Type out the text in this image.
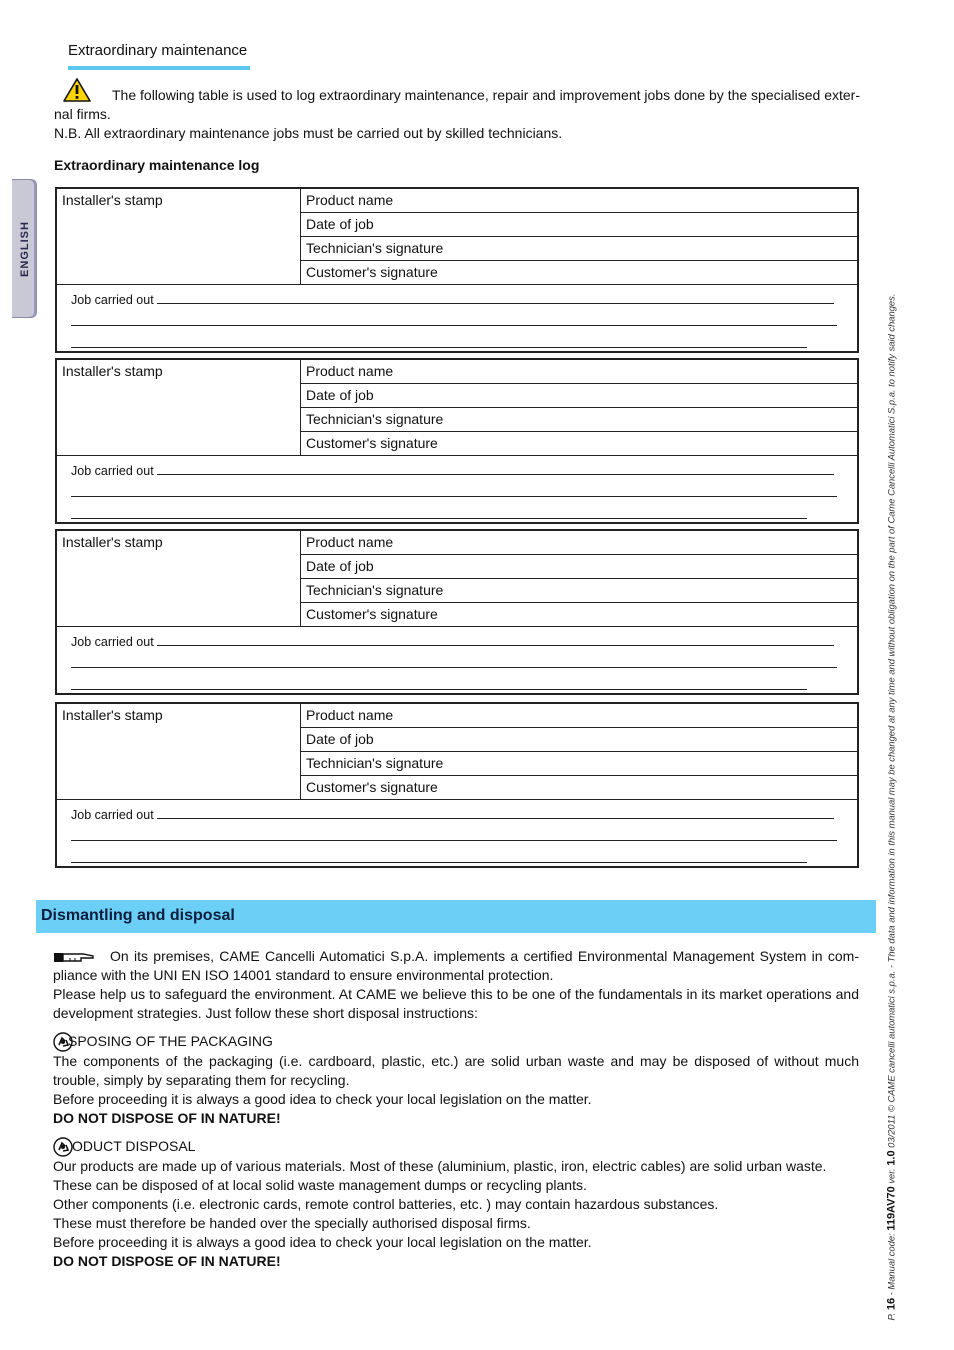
Extraordinary maintenance
The following table is used to log extraordinary maintenance, repair and improvement jobs done by the specialised exter- nal firms.
N.B. All extraordinary maintenance jobs must be carried out by skilled technicians.
Extraordinary maintenance log
ENGLISH
Installer's stamp	Product name
Date of job
Technician's signature
Customer's signature
Job carried out
Installer's stamp	Product name
Date of job
Technician's signature
Customer's signature
Job carried out
Installer's stamp	Product name
Date of job
Technician's signature
Customer's signature
Job carried out
Installer's stamp	Product name
Date of job
Technician's signature
Customer's signature
Job carried out
Dismantling and disposal
On its premises, CAME Cancelli Automatici S.p.A. implements a certified Environmental Management System in com- pliance with the UNI EN ISO 14001 standard to ensure environmental protection.
Please help us to safeguard the environment. At CAME we believe this to be one of the fundamentals in its market operations and development strategies. Just follow these short disposal instructions:
SPOSING OF THE PACKAGING
The components of the packaging (i.e. cardboard, plastic, etc.) are solid urban waste and may be disposed of without much trouble, simply by separating them for recycling.
Before proceeding it is always a good idea to check your local legislation on the matter.
DO NOT DISPOSE OF IN NATURE!
ODUCT DISPOSAL
Our products are made up of various materials. Most of these (aluminium, plastic, iron, electric cables) are solid urban waste.
These can be disposed of at local solid waste management dumps or recycling plants.
Other components (i.e. electronic cards, remote control batteries, etc. ) may contain hazardous substances.
These must therefore be handed over the specially authorised disposal firms.
Before proceeding it is always a good idea to check your local legislation on the matter.
DO NOT DISPOSE OF IN NATURE!
P. 16 - Manual code: 119AV70 ver. 1.0 03/2011 © CAME cancelli automatici s.p.a. - The data and information in this manual may be changed at any time and without obligation on the part of Came Cancelli Automatici S.p.a. to notify said changes.
